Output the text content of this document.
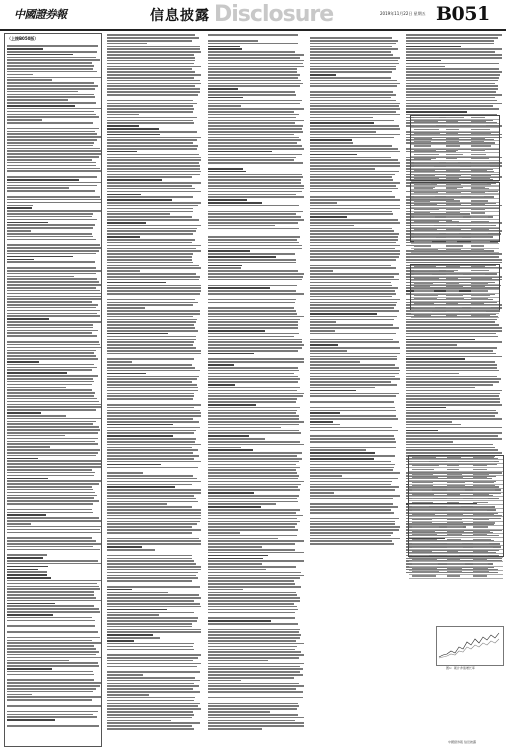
中國證券報	信息披露 Disclosure	2019年11月22日 星期五 B051
（上接B050版）
图1：累计净值增长率
中國證券報 信息披露
